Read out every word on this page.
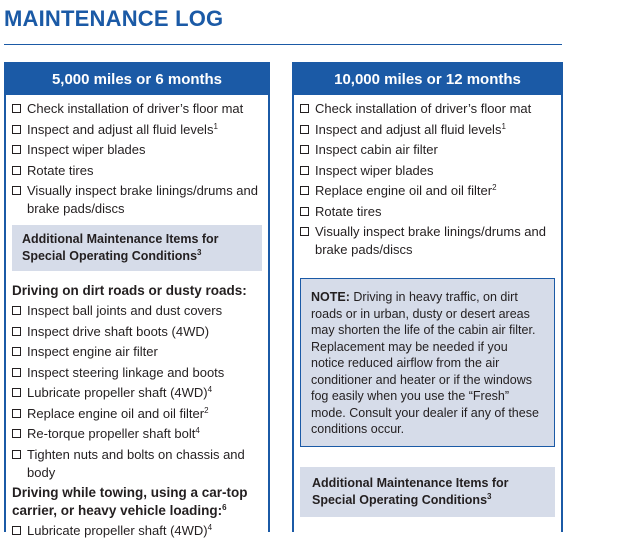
MAINTENANCE LOG
5,000 miles or 6 months
Check installation of driver’s floor mat
Inspect and adjust all fluid levels$^1$
Inspect wiper blades
Rotate tires
Visually inspect brake linings/drums and brake pads/discs
Additional Maintenance Items for Special Operating Conditions$^3$
Driving on dirt roads or dusty roads:
Inspect ball joints and dust covers
Inspect drive shaft boots (4WD)
Inspect engine air filter
Inspect steering linkage and boots
Lubricate propeller shaft $(4WD)^4$
Replace engine oil and oil filter$^2$
Re-torque propeller shaft bolt$^4$
Tighten nuts and bolts on chassis and body
Driving while towing, using a car-top carrier, or heavy vehicle loading:$^6$
Lubricate propeller shaft $(4WD)^4$
10,000 miles or 12 months
Check installation of driver’s floor mat
Inspect and adjust all fluid levels$^1$
Inspect cabin air filter
Inspect wiper blades
Replace engine oil and oil filter$^2$
Rotate tires
Visually inspect brake linings/drums and brake pads/discs
NOTE: Driving in heavy traffic, on dirt roads or in urban, dusty or desert areas may shorten the life of the cabin air filter. Replacement may be needed if you notice reduced airflow from the air conditioner and heater or if the windows fog easily when you use the “Fresh” mode. Consult your dealer if any of these conditions occur.
Additional Maintenance Items for Special Operating Conditions$^3$
